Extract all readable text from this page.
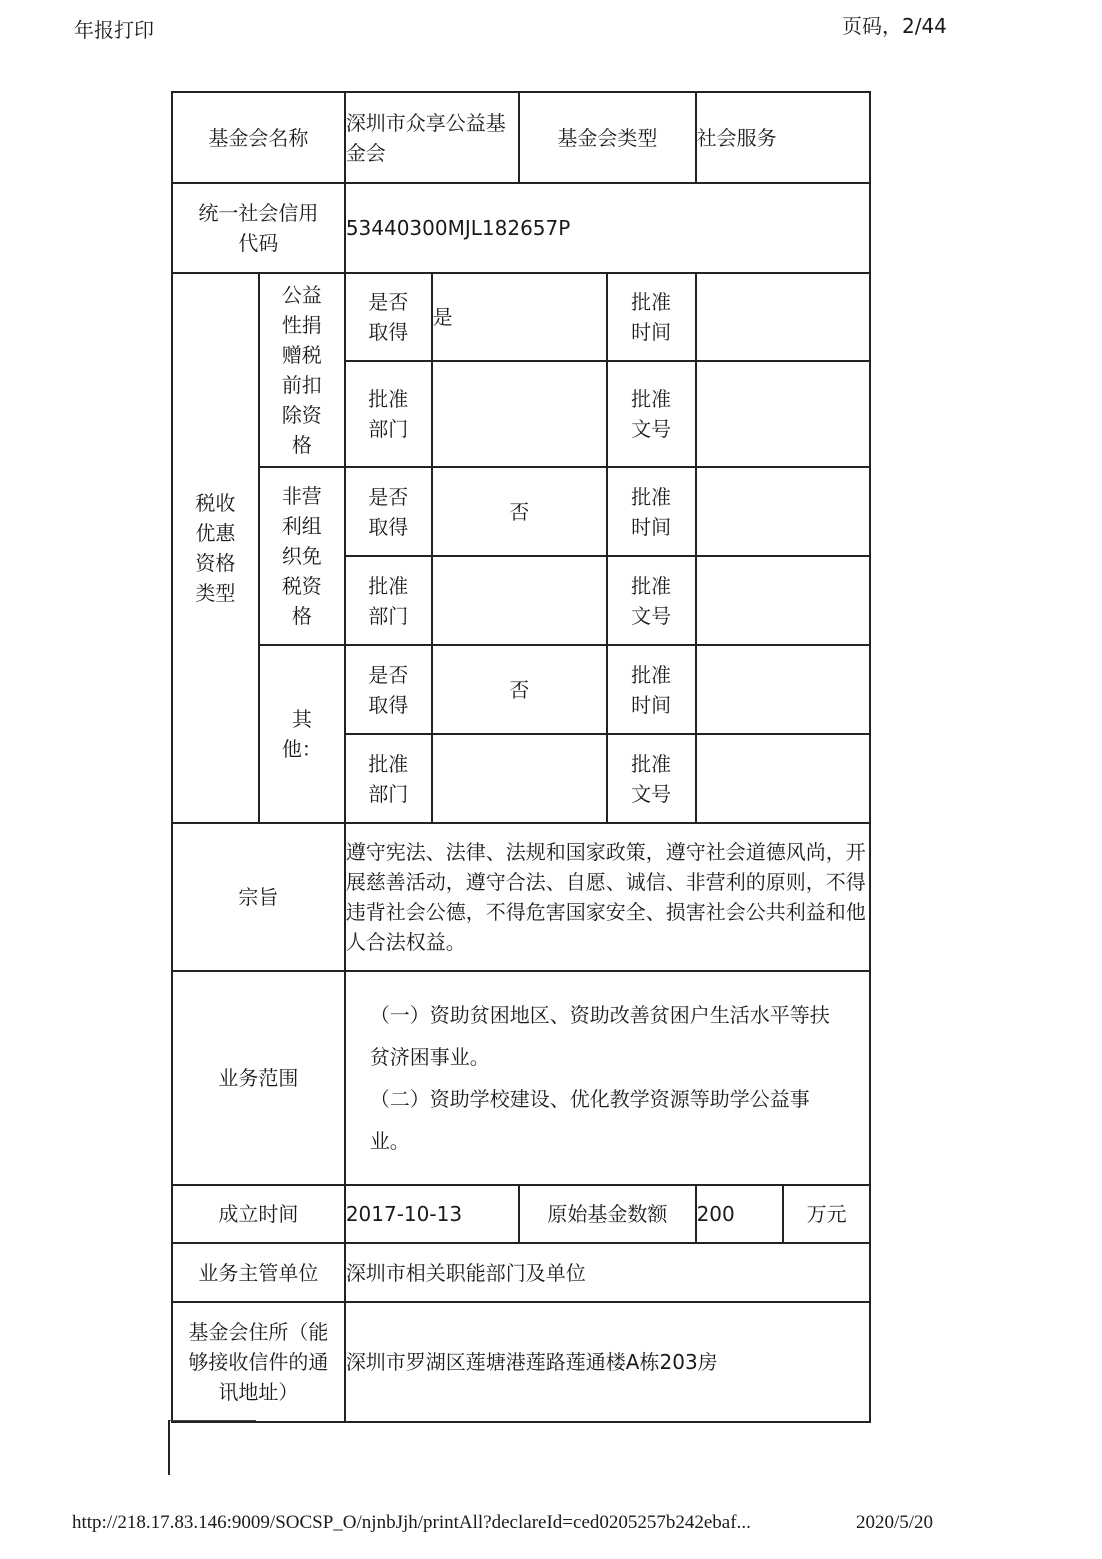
年报打印	页码，2/44
基金会名称		深圳市众享公益基金会		基金会类型		社会服务	
统一社会信用代码		53440300MJL182657P					
税收优惠资格类型	公益性捐赠税前扣除资格	是否取得	是		批准时间		
		批准部门			批准文号		
	非营利组织免税资格	是否取得	否		批准时间		
		批准部门			批准文号		
	其他：	是否取得	否		批准时间		
		批准部门			批准文号		
宗旨		遵守宪法、法律、法规和国家政策，遵守社会道德风尚，开展慈善活动，遵守合法、自愿、诚信、非营利的原则，不得违背社会公德，不得危害国家安全、损害社会公共利益和他人合法权益。					
业务范围		（一）资助贫困地区、资助改善贫困户生活水平等扶贫济困事业。
（二）资助学校建设、优化教学资源等助学公益事业。					

成立时间		2017-10-13		原始基金数额		200	万元
业务主管单位		深圳市相关职能部门及单位					
基金会住所（能够接收信件的通讯地址）		深圳市罗湖区莲塘港莲路莲通楼A栋203房					
http://218.17.83.146:9009/SOCSP_O/njnbJjh/printAll?declareId=ced0205257b242ebaf...	2020/5/20
